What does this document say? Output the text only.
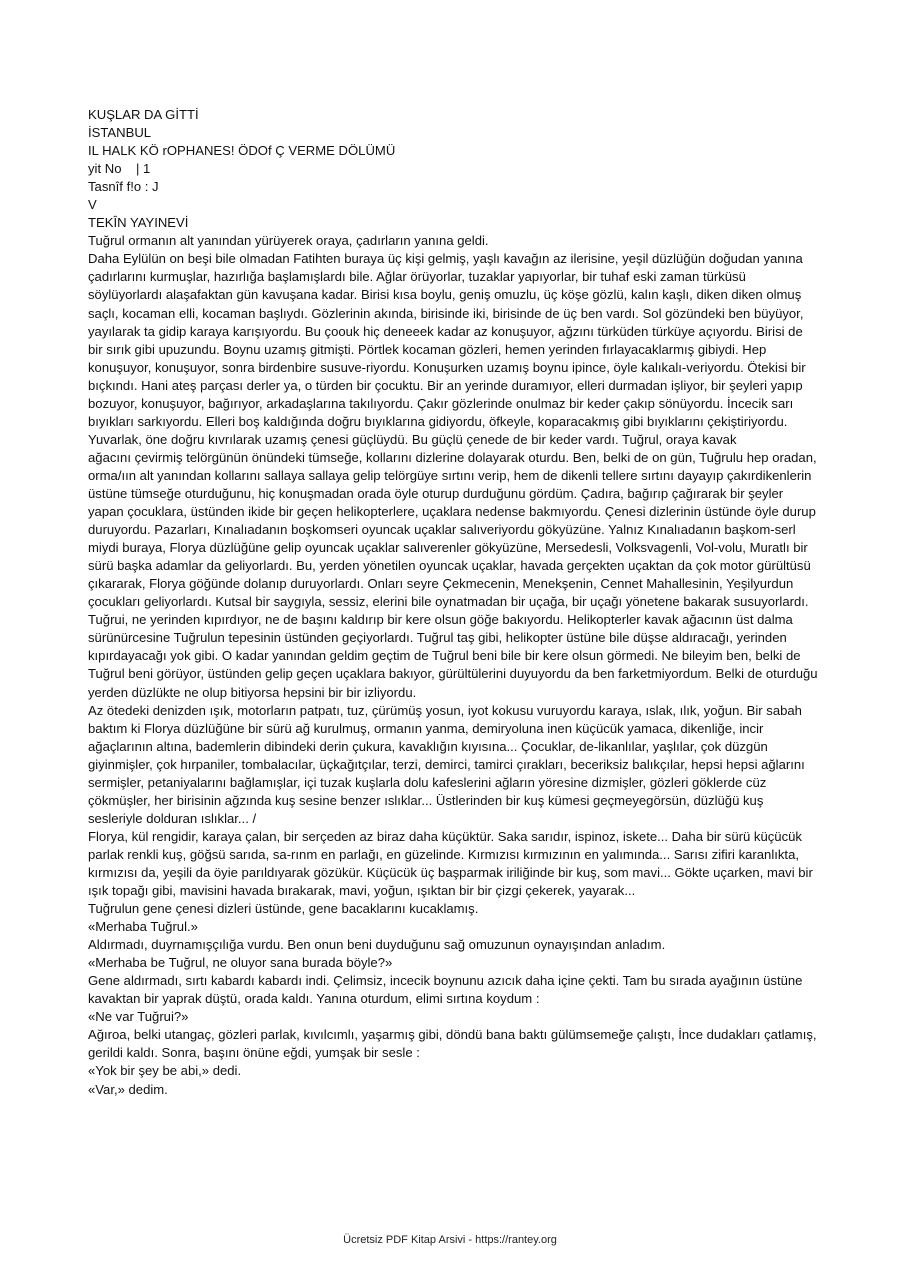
KUŞLAR DA GİTTİ

İSTANBUL

IL HALK KÖ rOPHANES! ÖDOf Ç VERME DÖLÜMÜ

yit No    | 1

Tasnîf f!o : J

V

TEKÎN YAYINEVİ

Tuğrul ormanın alt yanından yürüyerek oraya, çadırların yanına geldi.

Daha Eylülün on beşi bile olmadan Fatihten buraya üç kişi gelmiş, yaşlı kavağın az ilerisine, yeşil düzlüğün doğudan yanına çadırlarını kurmuşlar, hazırlığa başlamışlardı bile. Ağlar örüyorlar, tuzaklar yapıyorlar, bir tuhaf eski zaman türküsü söylüyorlardı alaşafaktan gün kavuşana kadar. Birisi kısa boylu, geniş omuzlu, üç köşe gözlü, kalın kaşlı, diken diken olmuş saçlı, kocaman elli, kocaman başlıydı. Gözlerinin akında, birisinde iki, birisinde de üç ben vardı. Sol gözündeki ben büyüyor, yayılarak ta gidip karaya karışıyordu. Bu çoouk hiç deneeek kadar az konuşuyor, ağzını türküden türküye açıyordu. Birisi de bir sırık gibi upuzundu. Boynu uzamış gitmişti. Pörtlek kocaman gözleri, hemen yerinden fırlayacaklarmış gibiydi. Hep konuşuyor, konuşuyor, sonra birdenbire susuve-riyordu. Konuşurken uzamış boynu ipince, öyle kalıkalı-veriyordu. Ötekisi bir bıçkındı. Hani ateş parçası derler ya, o türden bir çocuktu. Bir an yerinde duramıyor, elleri durmadan işliyor, bir şeyleri yapıp bozuyor, konuşuyor, bağırıyor, arkadaşlarına takılıyordu. Çakır gözlerinde onulmaz bir keder çakıp sönüyordu. İncecik sarı bıyıkları sarkıyordu. Elleri boş kaldığında doğru bıyıklarına gidiyordu, öfkeyle, koparacakmış gibi bıyıklarını çekiştiriyordu. Yuvarlak, öne doğru kıvrılarak uzamış çenesi güçlüydü. Bu güçlü çenede de bir keder vardı. Tuğrul, oraya kavak

ağacını çevirmiş telörgünün önündeki tümseğe, kollarını dizlerine dolayarak oturdu. Ben, belki de on gün, Tuğrulu hep oradan, orma/ıın alt yanından kollarını sallaya sallaya gelip telörgüye sırtını verip, hem de dikenli tellere sırtını dayayıp çakırdikenlerin üstüne tümseğe oturduğunu, hiç konuşmadan orada öyle oturup durduğunu gördüm. Çadıra, bağırıp çağırarak bir şeyler yapan çocuklara, üstünden ikide bir geçen helikopterlere, uçaklara nedense bakmıyordu. Çenesi dizlerinin üstünde öyle durup duruyordu. Pazarları, Kınalıadanın boşkomseri oyuncak uçaklar salıveriyordu gökyüzüne. Yalnız Kınalıadanın başkom-serl miydi buraya, Florya düzlüğüne gelip oyuncak uçaklar salıverenler gökyüzüne, Mersedesli, Volksvagenli, Vol-volu, Muratlı bir sürü başka adamlar da geliyorlardı. Bu, yerden yönetilen oyuncak uçaklar, havada gerçekten uçaktan da çok motor gürültüsü çıkararak, Florya göğünde dolanıp duruyorlardı. Onları seyre Çekmecenin, Menekşenin, Cennet Mahallesinin, Yeşilyurdun çocukları geliyorlardı. Kutsal bir saygıyla, sessiz, elerini bile oynatmadan bir uçağa, bir uçağı yönetene bakarak susuyorlardı. Tuğrui, ne yerinden kıpırdıyor, ne de başını kaldırıp bir kere olsun göğe bakıyordu. Helikopterler kavak ağacının üst dalma sürünürcesine Tuğrulun tepesinin üstünden geçiyorlardı. Tuğrul taş gibi, helikopter üstüne bile düşse aldıracağı, yerinden kıpırdayacağı yok gibi. O kadar yanından geldim geçtim de Tuğrul beni bile bir kere olsun görmedi. Ne bileyim ben, belki de Tuğrul beni görüyor, üstünden gelip geçen uçaklara bakıyor, gürültülerini duyuyordu da ben farketmiyordum. Belki de oturduğu yerden düzlükte ne olup bitiyorsa hepsini bir bir izliyordu.

Az ötedeki denizden ışık, motorların patpatı, tuz, çürümüş yosun, iyot kokusu vuruyordu karaya, ıslak, ılık, yoğun. Bir sabah baktım ki Florya düzlüğüne bir sürü ağ kurulmuş, ormanın yanma, demiryoluna inen küçücük yamaca, dikenliğe, incir ağaçlarının altına, bademlerin dibindeki derin çukura, kavaklığın kıyısına... Çocuklar, de-likanlılar, yaşlılar, çok düzgün giyinmişler, çok hırpaniler, tombalacılar, üçkağıtçılar, terzi, demirci, tamirci çırakları, beceriksiz balıkçılar, hepsi hepsi ağlarını sermişler, petaniyalarını bağlamışlar, içi tuzak kuşlarla dolu kafeslerini ağların yöresine dizmişler, gözleri göklerde cüz çökmüşler, her birisinin ağzında kuş sesine benzer ıslıklar... Üstlerinden bir kuş kümesi geçmeyegörsün, düzlüğü kuş sesleriyle dolduran ıslıklar... /

Florya, kül rengidir, karaya çalan, bir serçeden az biraz daha küçüktür. Saka sarıdır, ispinoz, iskete... Daha bir sürü küçücük parlak renkli kuş, göğsü sarıda, sa-rınm en parlağı, en güzelinde. Kırmızısı kırmızının en yalımında... Sarısı zifiri karanlıkta, kırmızısı da, yeşili da öyie parıldıyarak gözükür. Küçücük üç başparmak iriliğinde bir kuş, som mavi... Gökte uçarken, mavi bir ışık topağı gibi, mavisini havada bırakarak, mavi, yoğun, ışıktan bir bir çizgi çekerek, yayarak...

Tuğrulun gene çenesi dizleri üstünde, gene bacaklarını kucaklamış.

«Merhaba Tuğrul.»

Aldırmadı, duyrnamışçılığa vurdu. Ben onun beni duyduğunu sağ omuzunun oynayışından anladım.

«Merhaba be Tuğrul, ne oluyor sana burada böyle?»

Gene aldırmadı, sırtı kabardı kabardı indi. Çelimsiz, incecik boynunu azıcık daha içine çekti. Tam bu sırada ayağının üstüne kavaktan bir yaprak düştü, orada kaldı. Yanına oturdum, elimi sırtına koydum :

«Ne var Tuğrui?»

Ağıroa, belki utangaç, gözleri parlak, kıvılcımlı, yaşarmış gibi, döndü bana baktı gülümsemeğe çalıştı, İnce dudakları çatlamış, gerildi kaldı. Sonra, başını önüne eğdi, yumşak bir sesle :

«Yok bir şey be abi,» dedi.

«Var,» dedim.

Ücretsiz PDF Kitap Arsivi - https://rantey.org
